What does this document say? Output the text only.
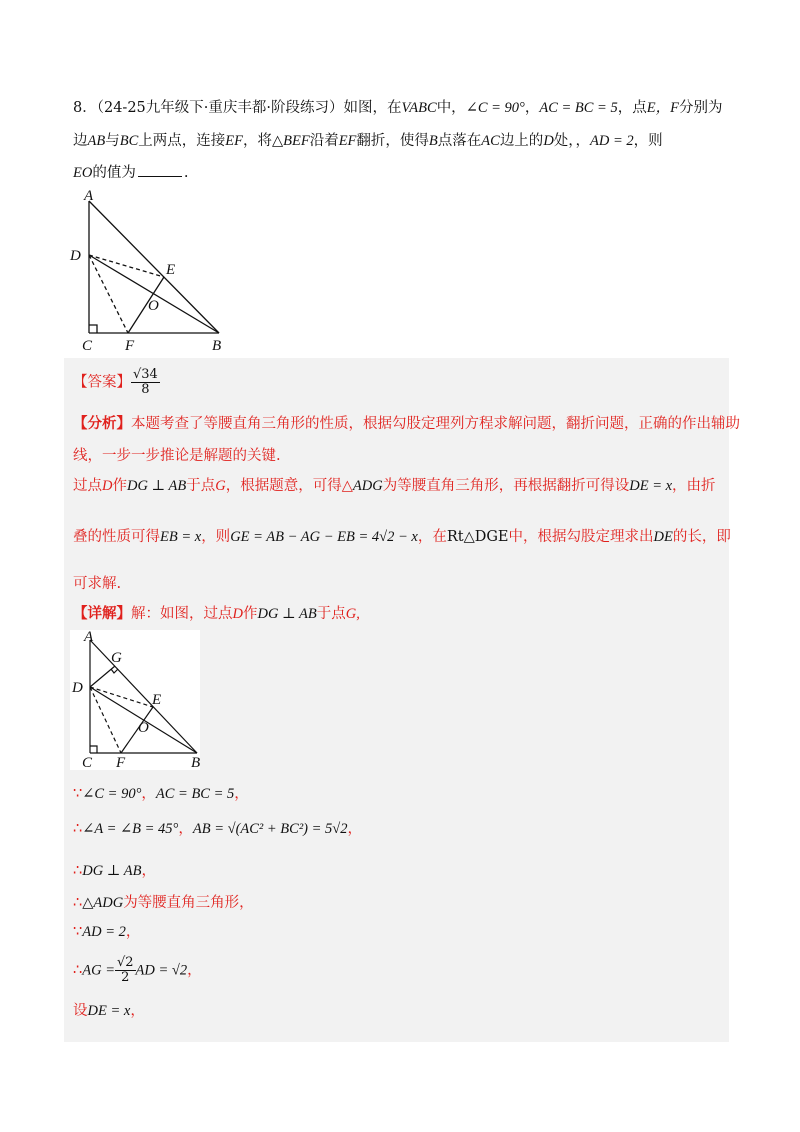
8．（24-25九年级下·重庆丰都·阶段练习）如图，在VABC中，∠C = 90°，AC = BC = 5，点E，F分别为
边AB与BC上两点，连接EF，将△BEF沿着EF翻折，使得B点落在AC边上的D处，，AD = 2，则
EO的值为	.
A
D
E
O
C F	B
【答案】 $\frac{√34}{8}$
【分析】本题考查了等腰直角三角形的性质，根据勾股定理列方程求解问题，翻折问题，正确的作出辅助
线，一步一步推论是解题的关键.
过点D作DG ⊥ AB于点G，根据题意，可得△ADG为等腰直角三角形，再根据翻折可得设DE = x，由折
叠的性质可得EB = x，则GE = AB − AG − EB = 4√2 − x，在Rt△DGE中，根据勾股定理求出DE的长，即
可求解.
【详解】解：如图，过点D作DG ⊥ AB于点G,
A
G
D
E
O
C F	B
∵∠C = 90°，AC = BC = 5，
∴∠A = ∠B = 45°，AB = √(AC² + BC²) = 5√2，
∴DG ⊥ AB，
∴△ADG为等腰直角三角形，
∵AD = 2，
∴AG = $\frac{√2}{2}$ AD = √2，
设DE = x，
